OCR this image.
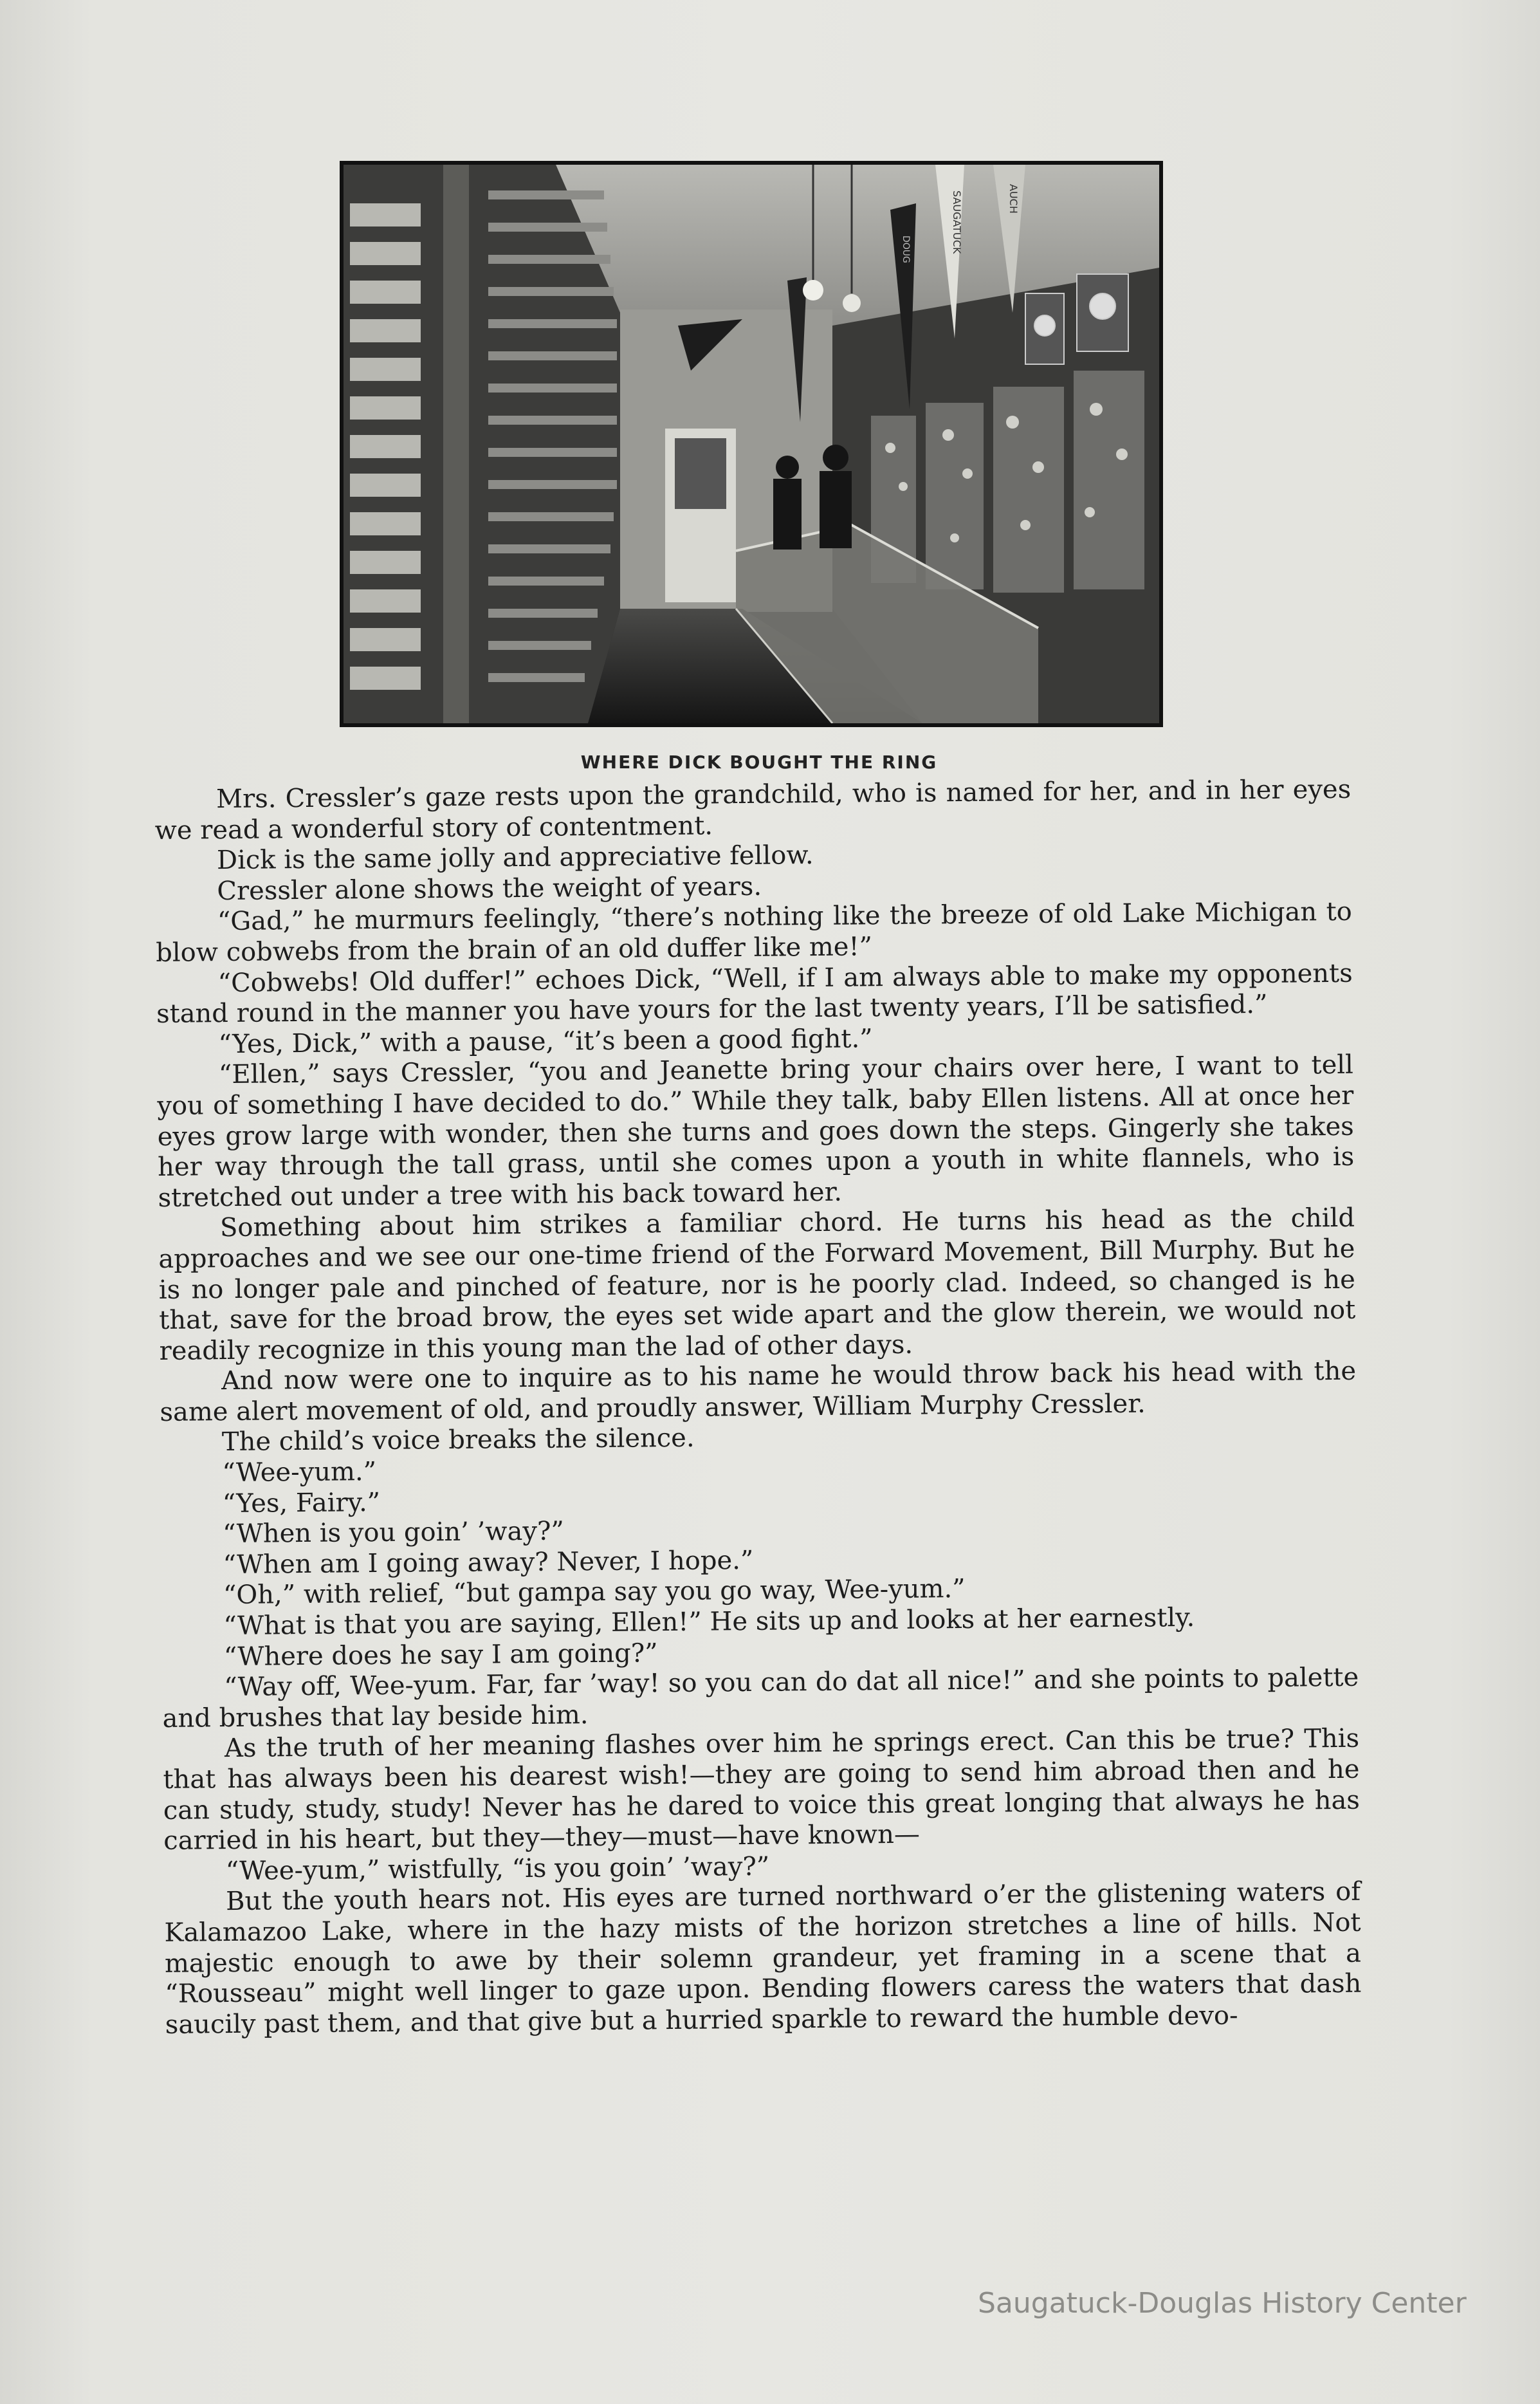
SAUGATUCK	AUCH
DOUG
WHERE DICK BOUGHT THE RING

Mrs. Cressler’s gaze rests upon the grandchild, who is named for her, and in her eyes we read a wonderful story of contentment.

Dick is the same jolly and appreciative fellow.

Cressler alone shows the weight of years.

“Gad,” he murmurs feelingly, “there’s nothing like the breeze of old Lake Michigan to blow cobwebs from the brain of an old duffer like me!”

“Cobwebs! Old duffer!” echoes Dick, “Well, if I am always able to make my opponents stand round in the manner you have yours for the last twenty years, I’ll be satisfied.”

“Yes, Dick,” with a pause, “it’s been a good fight.”

“Ellen,” says Cressler, “you and Jeanette bring your chairs over here, I want to tell you of something I have decided to do.” While they talk, baby Ellen listens. All at once her eyes grow large with wonder, then she turns and goes down the steps. Gingerly she takes her way through the tall grass, until she comes upon a youth in white flannels, who is stretched out under a tree with his back toward her.

Something about him strikes a familiar chord. He turns his head as the child approaches and we see our one-time friend of the Forward Movement, Bill Murphy. But he is no longer pale and pinched of feature, nor is he poorly clad. Indeed, so changed is he that, save for the broad brow, the eyes set wide apart and the glow therein, we would not readily recognize in this young man the lad of other days.

And now were one to inquire as to his name he would throw back his head with the same alert movement of old, and proudly answer, William Murphy Cressler.

The child’s voice breaks the silence.

“Wee-yum.”

“Yes, Fairy.”

“When is you goin’ ’way?”

“When am I going away? Never, I hope.”

“Oh,” with relief, “but gampa say you go way, Wee-yum.”

“What is that you are saying, Ellen!” He sits up and looks at her earnestly.

“Where does he say I am going?”

“Way off, Wee-yum. Far, far ’way! so you can do dat all nice!” and she points to palette and brushes that lay beside him.

As the truth of her meaning flashes over him he springs erect. Can this be true? This that has always been his dearest wish!—they are going to send him abroad then and he can study, study, study! Never has he dared to voice this great longing that always he has carried in his heart, but they—they—must—have known—

“Wee-yum,” wistfully, “is you goin’ ’way?”

But the youth hears not. His eyes are turned northward o’er the glistening waters of Kalamazoo Lake, where in the hazy mists of the horizon stretches a line of hills. Not majestic enough to awe by their solemn grandeur, yet framing in a scene that a “Rousseau” might well linger to gaze upon. Bending flowers caress the waters that dash saucily past them, and that give but a hurried sparkle to reward the humble devo-

Saugatuck-Douglas History Center
